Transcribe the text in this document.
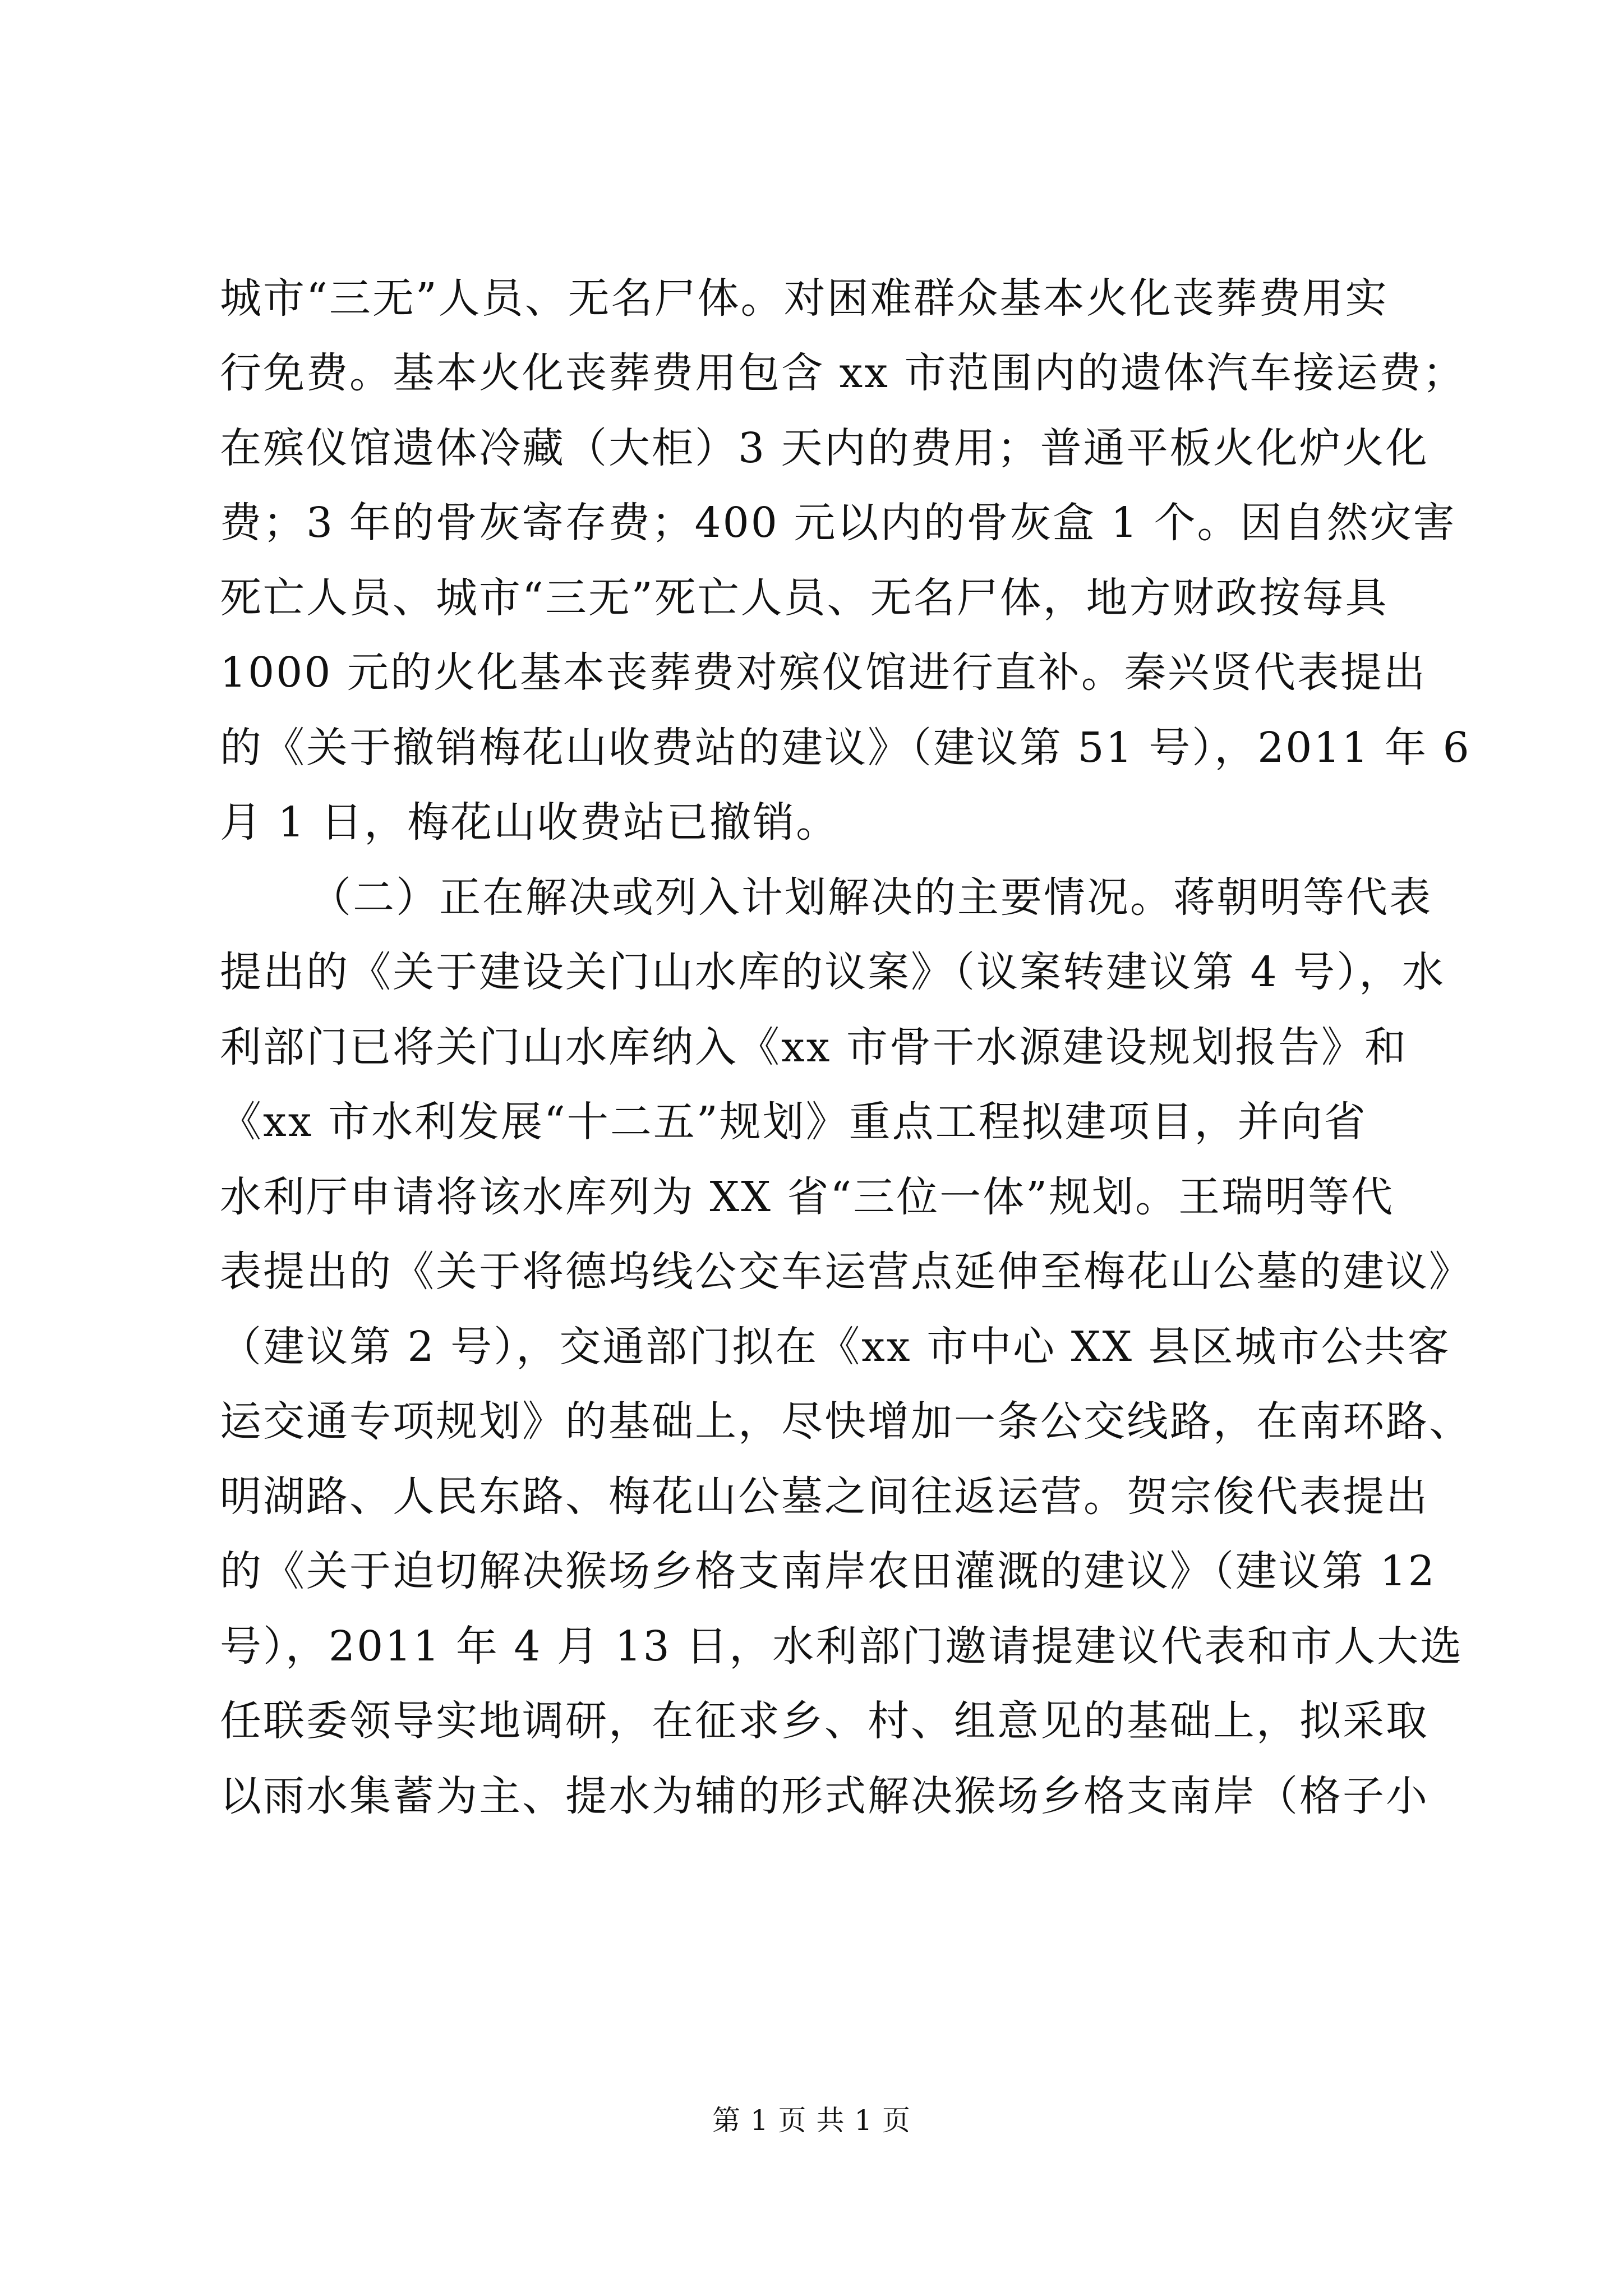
城市“三无”人员、无名尸体。对困难群众基本火化丧葬费用实
行免费。基本火化丧葬费用包含 xx 市范围内的遗体汽车接运费；
在殡仪馆遗体冷藏（大柜）3 天内的费用；普通平板火化炉火化
费；3 年的骨灰寄存费；400 元以内的骨灰盒 1 个。因自然灾害
死亡人员、城市“三无”死亡人员、无名尸体，地方财政按每具
1000 元的火化基本丧葬费对殡仪馆进行直补。秦兴贤代表提出
的《关于撤销梅花山收费站的建议》（建议第 51 号），2011 年 6
月 1 日，梅花山收费站已撤销。
（二）正在解决或列入计划解决的主要情况。蒋朝明等代表
提出的《关于建设关门山水库的议案》（议案转建议第 4 号），水
利部门已将关门山水库纳入《xx 市骨干水源建设规划报告》和
《xx 市水利发展“十二五”规划》重点工程拟建项目，并向省
水利厅申请将该水库列为 XX 省“三位一体”规划。王瑞明等代
表提出的《关于将德坞线公交车运营点延伸至梅花山公墓的建议》
（建议第 2 号），交通部门拟在《xx 市中心 XX 县区城市公共客
运交通专项规划》的基础上，尽快增加一条公交线路，在南环路、
明湖路、人民东路、梅花山公墓之间往返运营。贺宗俊代表提出
的《关于迫切解决猴场乡格支南岸农田灌溉的建议》（建议第 12
号），2011 年 4 月 13 日，水利部门邀请提建议代表和市人大选
任联委领导实地调研，在征求乡、村、组意见的基础上，拟采取
以雨水集蓄为主、提水为辅的形式解决猴场乡格支南岸（格子小
第 1 页 共 1 页
